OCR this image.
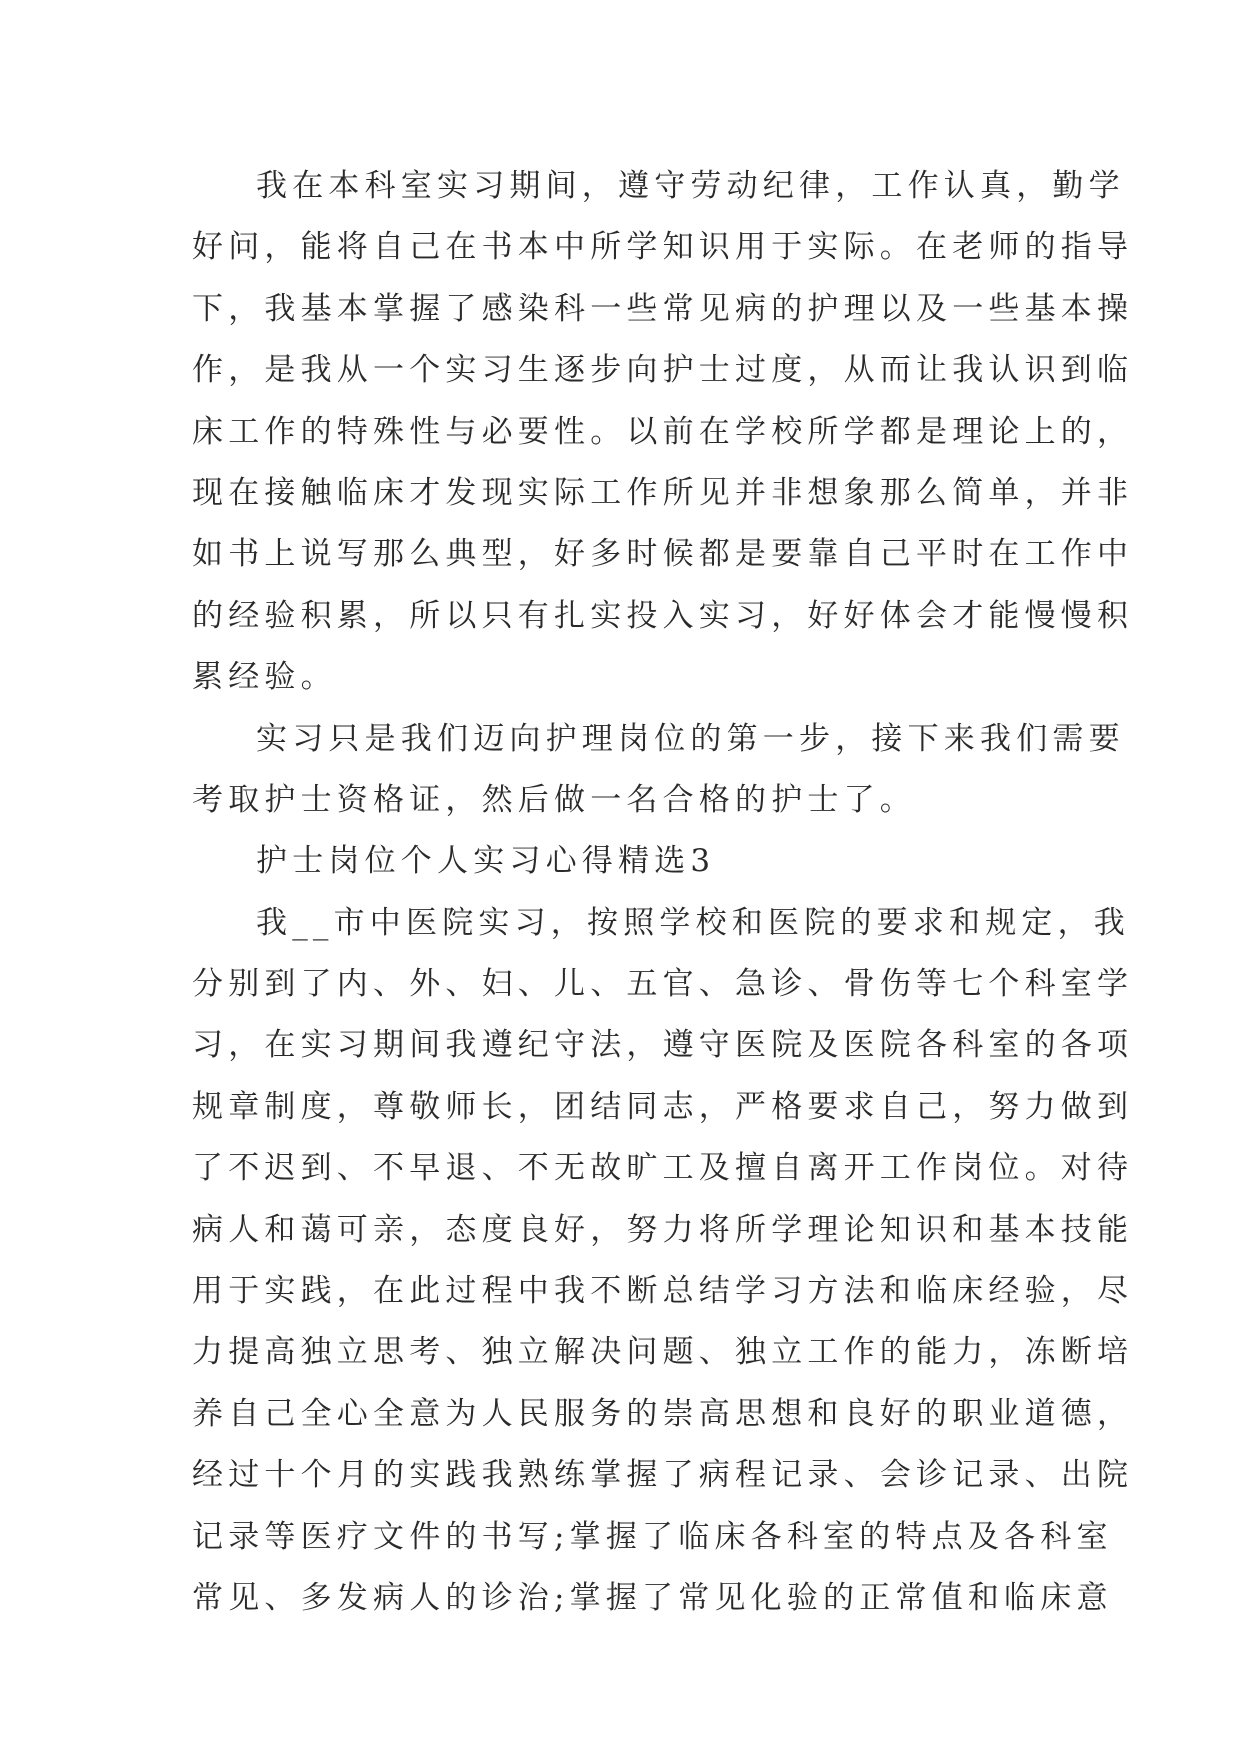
我在本科室实习期间，遵守劳动纪律，工作认真，勤学
好问，能将自己在书本中所学知识用于实际。在老师的指导
下，我基本掌握了感染科一些常见病的护理以及一些基本操
作，是我从一个实习生逐步向护士过度，从而让我认识到临
床工作的特殊性与必要性。以前在学校所学都是理论上的，
现在接触临床才发现实际工作所见并非想象那么简单，并非
如书上说写那么典型，好多时候都是要靠自己平时在工作中
的经验积累，所以只有扎实投入实习，好好体会才能慢慢积
累经验。
实习只是我们迈向护理岗位的第一步，接下来我们需要
考取护士资格证，然后做一名合格的护士了。
护士岗位个人实习心得精选3
我__市中医院实习，按照学校和医院的要求和规定，我
分别到了内、外、妇、儿、五官、急诊、骨伤等七个科室学
习，在实习期间我遵纪守法，遵守医院及医院各科室的各项
规章制度，尊敬师长，团结同志，严格要求自己，努力做到
了不迟到、不早退、不无故旷工及擅自离开工作岗位。对待
病人和蔼可亲，态度良好，努力将所学理论知识和基本技能
用于实践，在此过程中我不断总结学习方法和临床经验，尽
力提高独立思考、独立解决问题、独立工作的能力，冻断培
养自己全心全意为人民服务的崇高思想和良好的职业道德，
经过十个月的实践我熟练掌握了病程记录、会诊记录、出院
记录等医疗文件的书写;掌握了临床各科室的特点及各科室
常见、多发病人的诊治;掌握了常见化验的正常值和临床意
